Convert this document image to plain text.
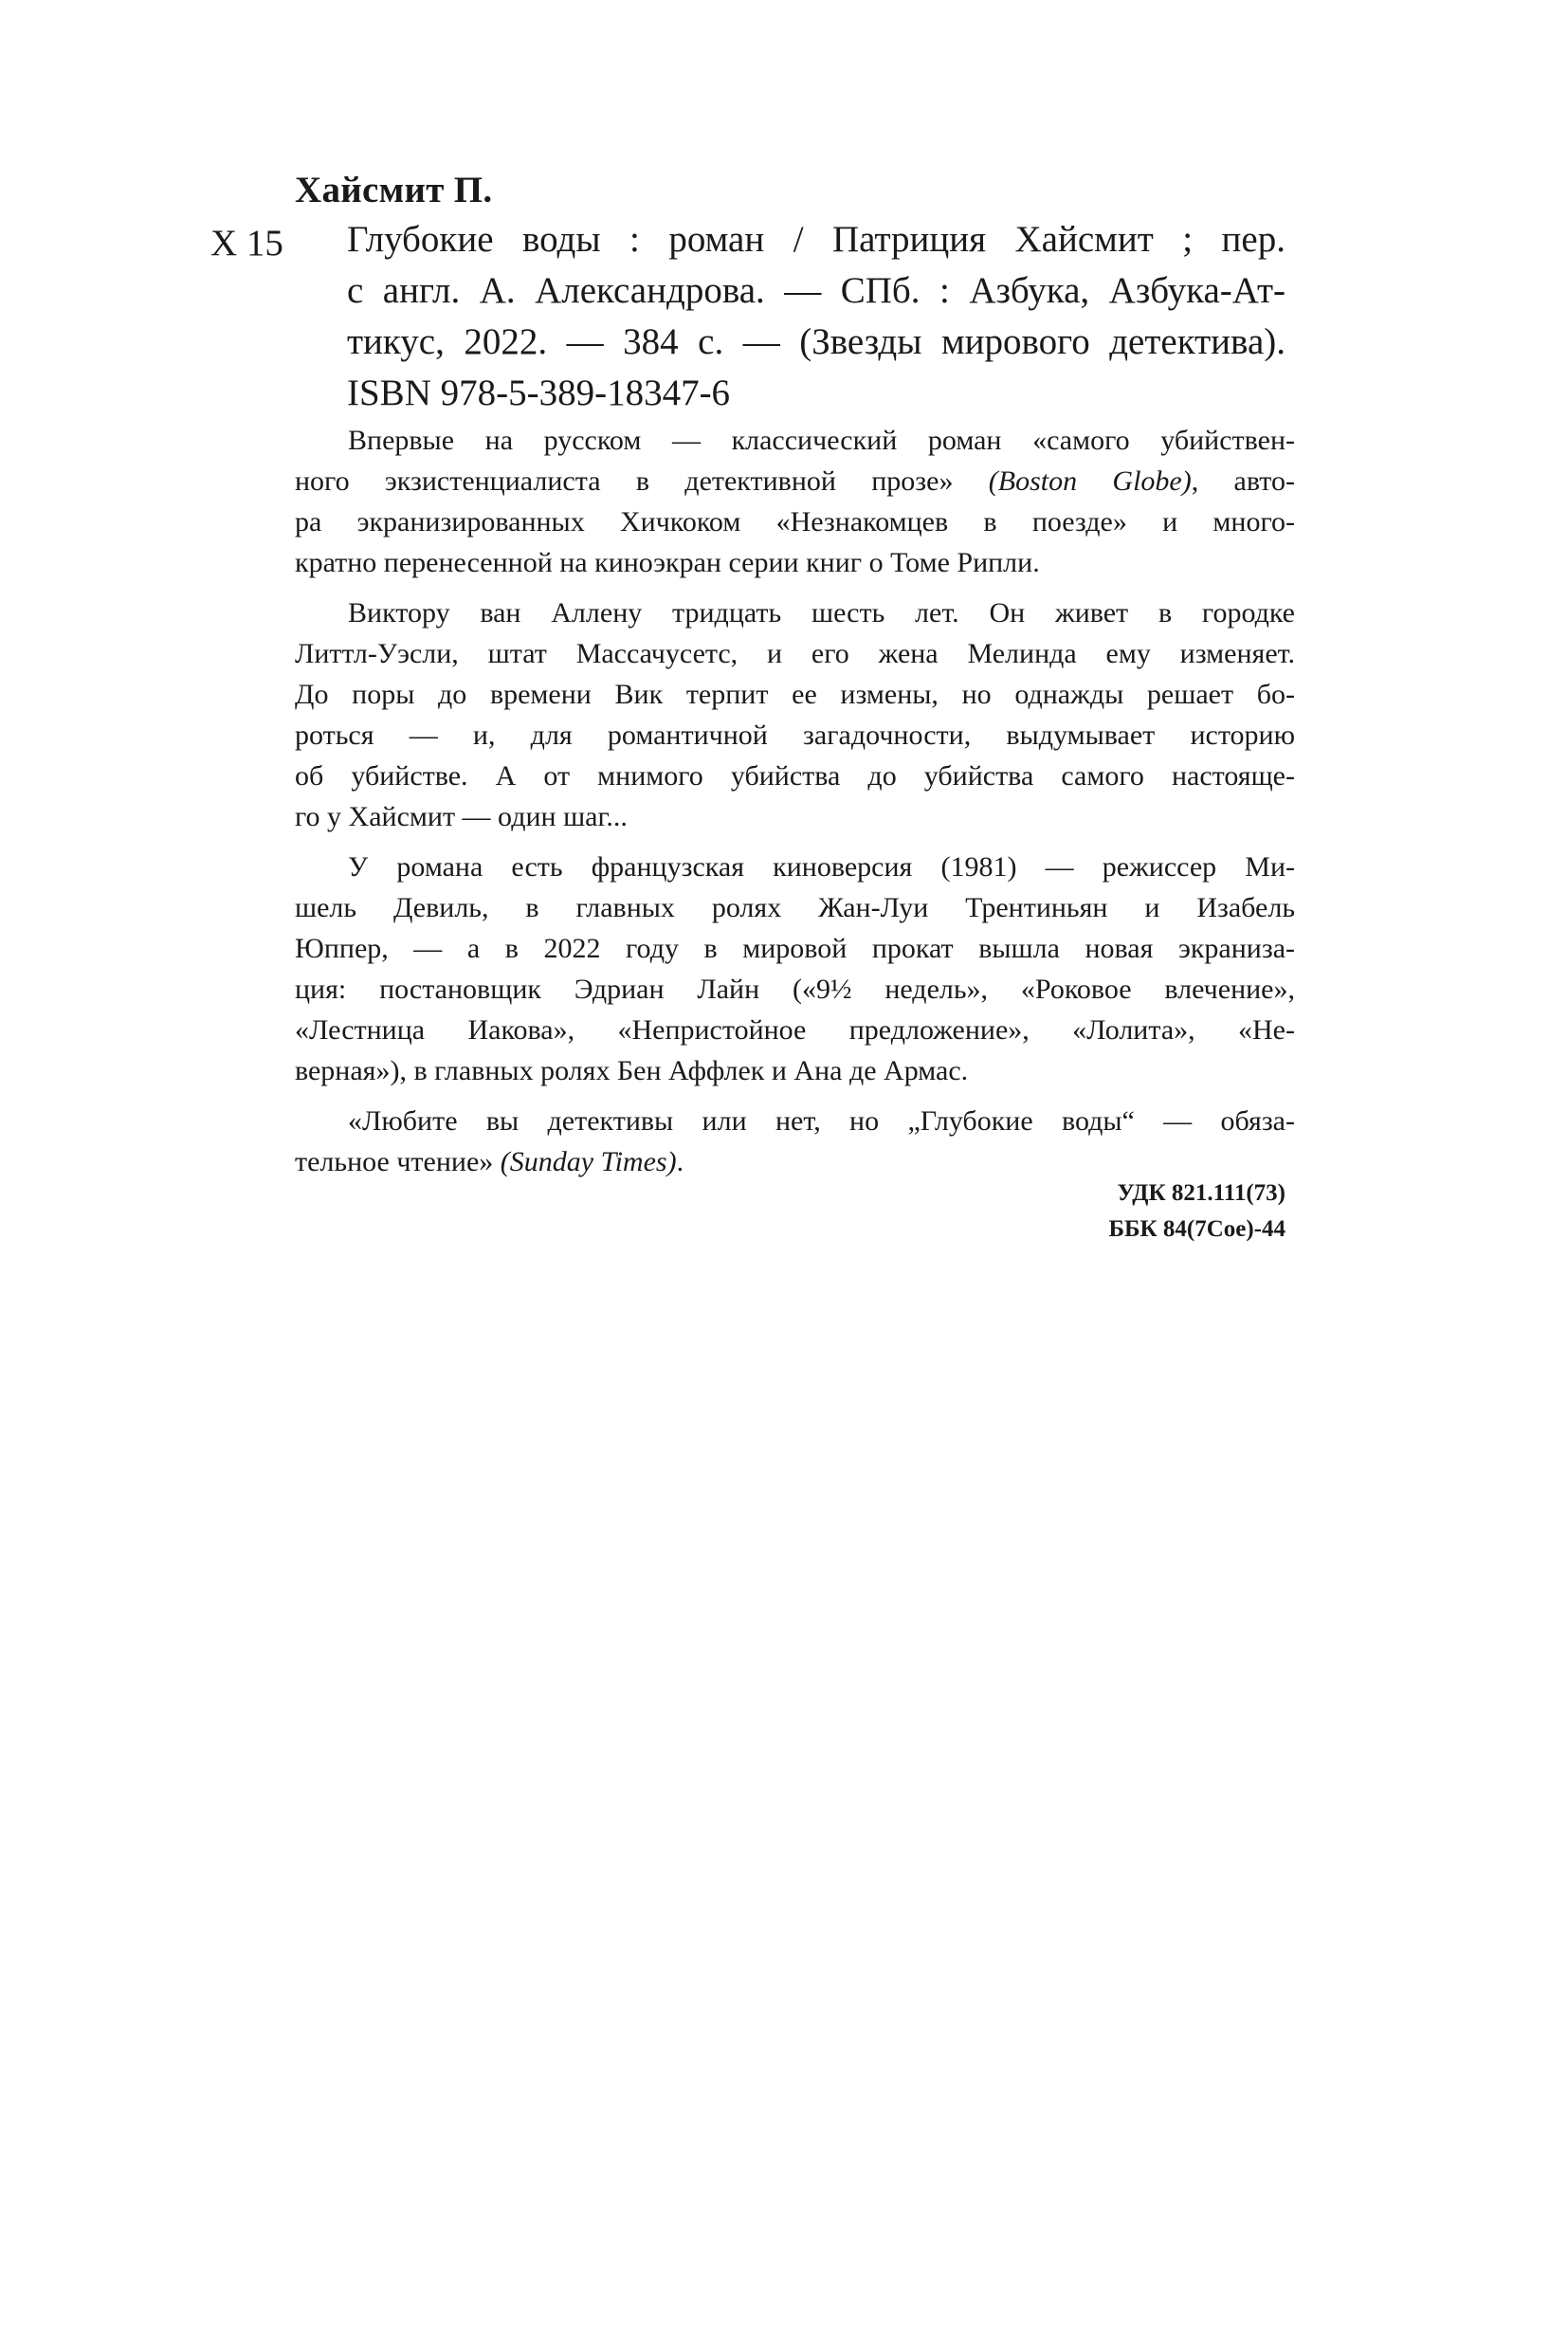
Хайсмит П.
Х 15 Глубокие воды : роман / Патриция Хайсмит ; пер.
с англ. А. Александрова. — СПб. : Азбука, Азбука-Ат-
тикус, 2022. — 384 с. — (Звезды мирового детектива).
ISBN 978-5-389-18347-6
Впервые на русском — классический роман «самого убийствен-
ного экзистенциалиста в детективной прозе» (Boston Globe), авто-
ра экранизированных Хичкоком «Незнакомцев в поезде» и много-
кратно перенесенной на киноэкран серии книг о Томе Рипли.
Виктору ван Аллену тридцать шесть лет. Он живет в городке
Литтл-Уэсли, штат Массачусетс, и его жена Мелинда ему изменяет.
До поры до времени Вик терпит ее измены, но однажды решает бо-
роться — и, для романтичной загадочности, выдумывает историю
об убийстве. А от мнимого убийства до убийства самого настояще-
го у Хайсмит — один шаг...
У романа есть французская киноверсия (1981) — режиссер Ми-
шель Девиль, в главных ролях Жан-Луи Трентиньян и Изабель
Юппер, — а в 2022 году в мировой прокат вышла новая экраниза-
ция: постановщик Эдриан Лайн («9½ недель», «Роковое влечение»,
«Лестница Иакова», «Непристойное предложение», «Лолита», «Не-
верная»), в главных ролях Бен Аффлек и Ана де Армас.
«Любите вы детективы или нет, но „Глубокие воды“ — обяза-
тельное чтение» (Sunday Times).
УДК 821.111(73)
ББК 84(7Сое)-44
